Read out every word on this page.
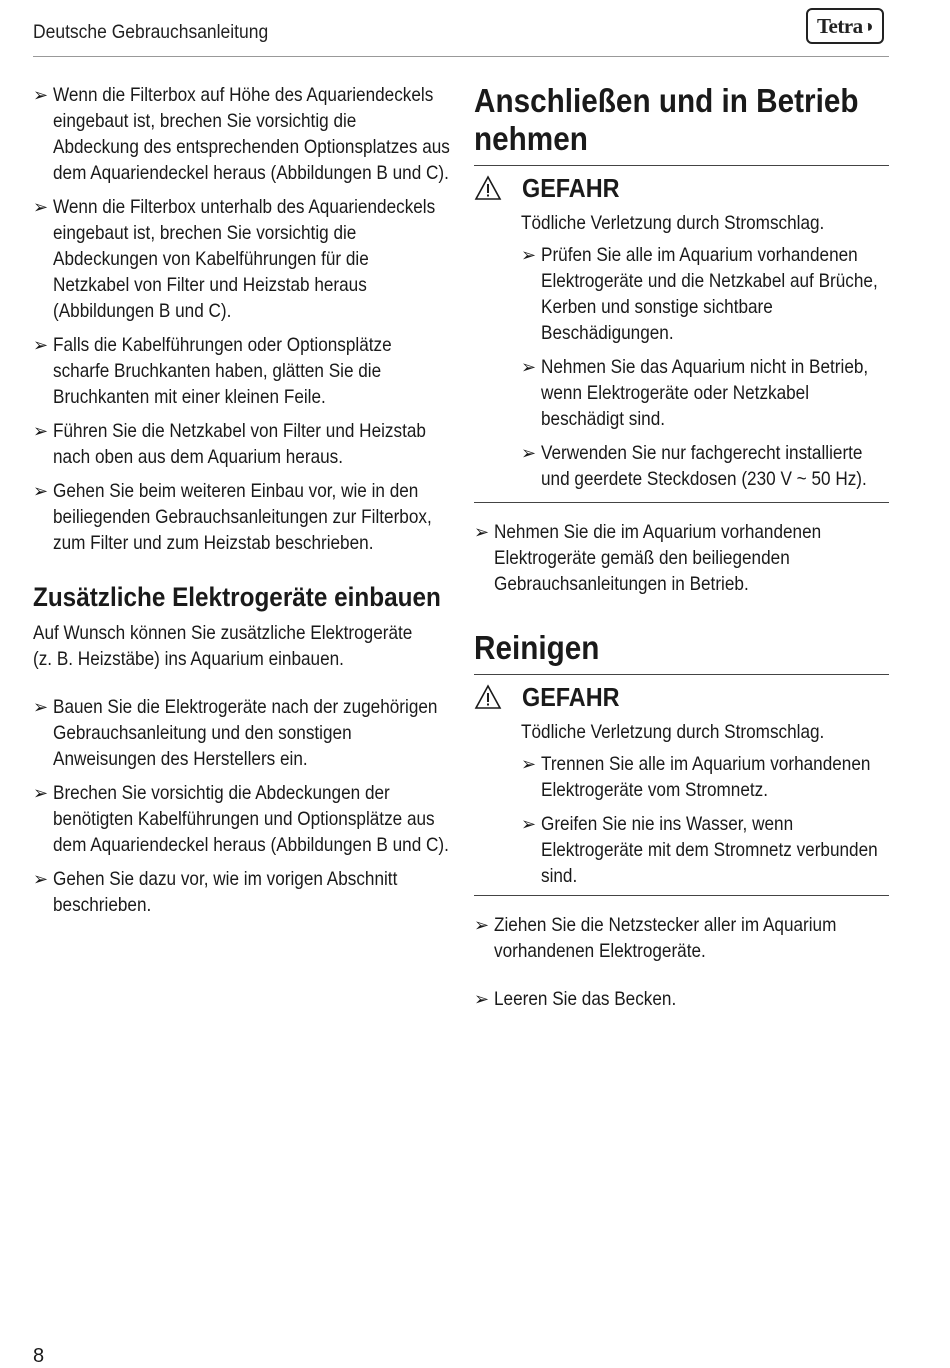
Deutsche Gebrauchsanleitung	Tetra ◑
➢ Wenn die Filterbox auf Höhe des Aquariendeckels
eingebaut ist, brechen Sie vorsichtig die
Abdeckung des entsprechenden Optionsplatzes aus
dem Aquariendeckel heraus (Abbildungen B und C).
➢ Wenn die Filterbox unterhalb des Aquariendeckels
eingebaut ist, brechen Sie vorsichtig die
Abdeckungen von Kabelführungen für die
Netzkabel von Filter und Heizstab heraus
(Abbildungen B und C).
➢ Falls die Kabelführungen oder Optionsplätze
scharfe Bruchkanten haben, glätten Sie die
Bruchkanten mit einer kleinen Feile.
➢ Führen Sie die Netzkabel von Filter und Heizstab
nach oben aus dem Aquarium heraus.
➢ Gehen Sie beim weiteren Einbau vor, wie in den
beiliegenden Gebrauchsanleitungen zur Filterbox,
zum Filter und zum Heizstab beschrieben.
Zusätzliche Elektrogeräte einbauen
Auf Wunsch können Sie zusätzliche Elektrogeräte
(z. B. Heizstäbe) ins Aquarium einbauen.
➢ Bauen Sie die Elektrogeräte nach der zugehörigen
Gebrauchsanleitung und den sonstigen
Anweisungen des Herstellers ein.
➢ Brechen Sie vorsichtig die Abdeckungen der
benötigten Kabelführungen und Optionsplätze aus
dem Aquariendeckel heraus (Abbildungen B und C).
➢ Gehen Sie dazu vor, wie im vorigen Abschnitt
beschrieben.
Anschließen und in Betrieb
nehmen
GEFAHR
Tödliche Verletzung durch Stromschlag.
➢ Prüfen Sie alle im Aquarium vorhandenen
Elektrogeräte und die Netzkabel auf Brüche,
Kerben und sonstige sichtbare
Beschädigungen.
➢ Nehmen Sie das Aquarium nicht in Betrieb,
wenn Elektrogeräte oder Netzkabel
beschädigt sind.
➢ Verwenden Sie nur fachgerecht installierte
und geerdete Steckdosen (230 V ~ 50 Hz).
➢ Nehmen Sie die im Aquarium vorhandenen
Elektrogeräte gemäß den beiliegenden
Gebrauchsanleitungen in Betrieb.
Reinigen
GEFAHR
Tödliche Verletzung durch Stromschlag.
➢ Trennen Sie alle im Aquarium vorhandenen
Elektrogeräte vom Stromnetz.
➢ Greifen Sie nie ins Wasser, wenn
Elektrogeräte mit dem Stromnetz verbunden
sind.
➢ Ziehen Sie die Netzstecker aller im Aquarium
vorhandenen Elektrogeräte.
➢ Leeren Sie das Becken.
8
